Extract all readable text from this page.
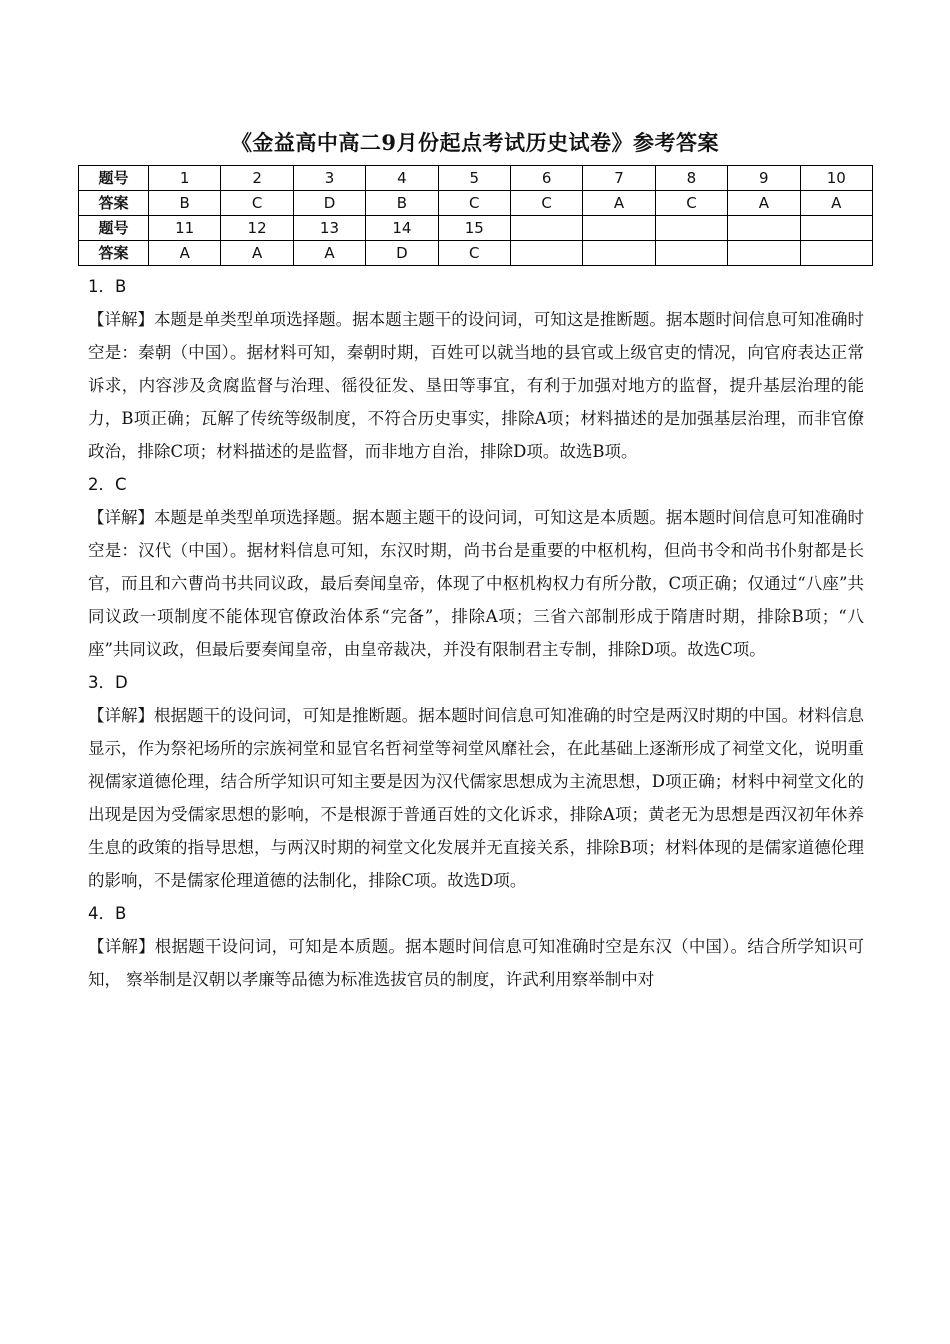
《金益高中高二9月份起点考试历史试卷》参考答案
题号	1	2	3	4	5	6	7	8	9	10
答案	B	C	D	B	C	C	A	C	A	A
题号	11	12	13	14	15					
答案	A	A	A	D	C					

1．B

【详解】本题是单类型单项选择题。据本题主题干的设问词，可知这是推断题。据本题时间信息可知准确时空是：秦朝（中国）。据材料可知，秦朝时期，百姓可以就当地的县官或上级官吏的情况，向官府表达正常诉求，内容涉及贪腐监督与治理、徭役征发、垦田等事宜，有利于加强对地方的监督，提升基层治理的能力，B项正确；瓦解了传统等级制度，不符合历史事实，排除A项；材料描述的是加强基层治理，而非官僚政治，排除C项；材料描述的是监督，而非地方自治，排除D项。故选B项。

2．C

【详解】本题是单类型单项选择题。据本题主题干的设问词，可知这是本质题。据本题时间信息可知准确时空是：汉代（中国）。据材料信息可知，东汉时期，尚书台是重要的中枢机构，但尚书令和尚书仆射都是长官，而且和六曹尚书共同议政，最后奏闻皇帝，体现了中枢机构权力有所分散，C项正确；仅通过“八座”共同议政一项制度不能体现官僚政治体系“完备”，排除A项；三省六部制形成于隋唐时期，排除B项；“八座”共同议政，但最后要奏闻皇帝，由皇帝裁决，并没有限制君主专制，排除D项。故选C项。

3．D

【详解】根据题干的设问词，可知是推断题。据本题时间信息可知准确的时空是两汉时期的中国。材料信息显示，作为祭祀场所的宗族祠堂和显官名哲祠堂等祠堂风靡社会，在此基础上逐渐形成了祠堂文化，说明重视儒家道德伦理，结合所学知识可知主要是因为汉代儒家思想成为主流思想，D项正确；材料中祠堂文化的出现是因为受儒家思想的影响，不是根源于普通百姓的文化诉求，排除A项；黄老无为思想是西汉初年休养生息的政策的指导思想，与两汉时期的祠堂文化发展并无直接关系，排除B项；材料体现的是儒家道德伦理的影响，不是儒家伦理道德的法制化，排除C项。故选D项。

4．B

【详解】根据题干设问词，可知是本质题。据本题时间信息可知准确时空是东汉（中国）。结合所学知识可知， 察举制是汉朝以孝廉等品德为标准选拔官员的制度，许武利用察举制中对
